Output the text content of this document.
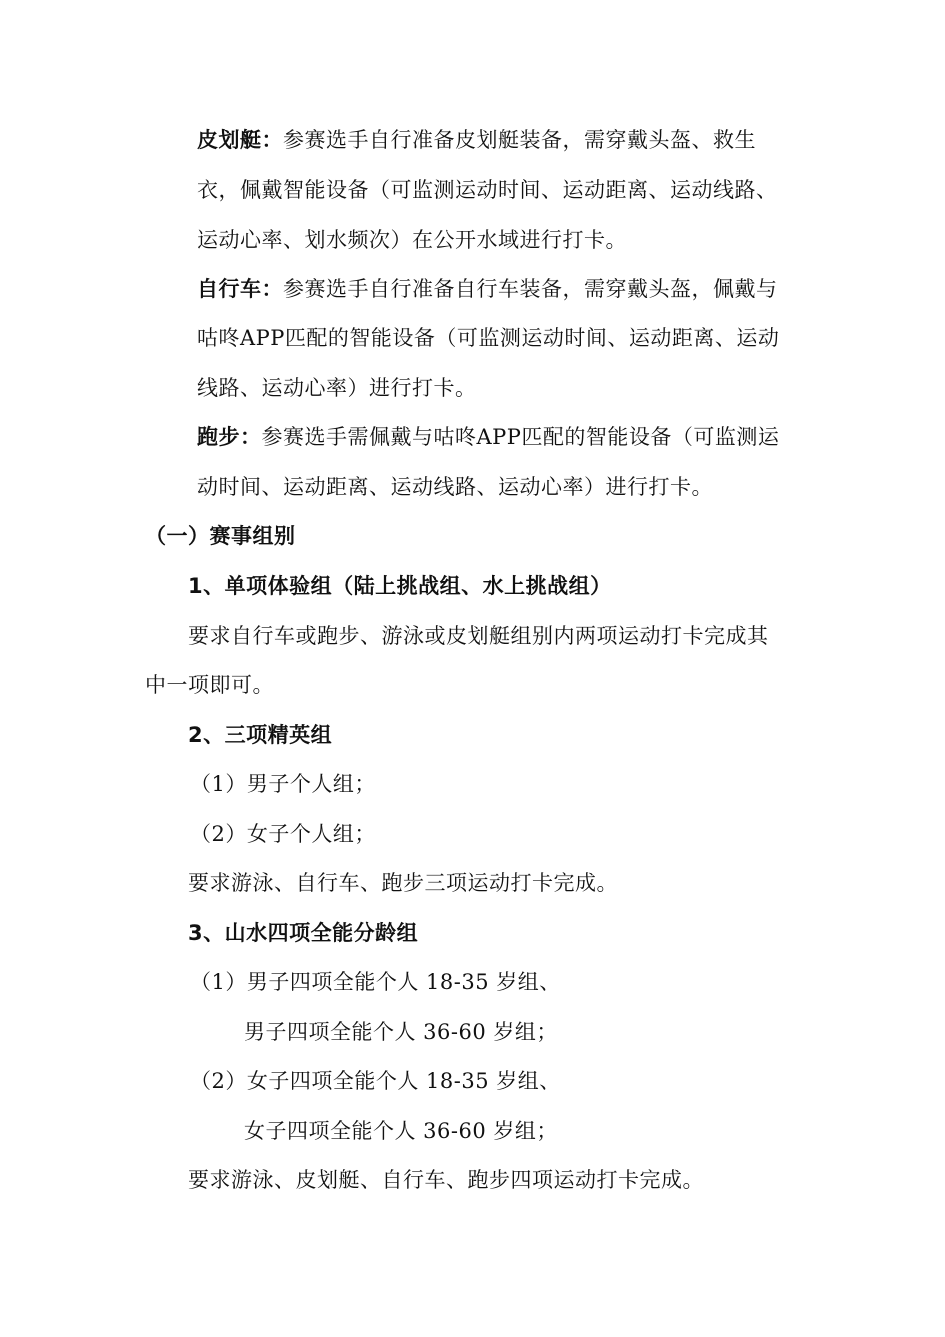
皮划艇：参赛选手自行准备皮划艇装备，需穿戴头盔、救生
衣，佩戴智能设备（可监测运动时间、运动距离、运动线路、
运动心率、划水频次）在公开水域进行打卡。
自行车：参赛选手自行准备自行车装备，需穿戴头盔，佩戴与
咕咚APP匹配的智能设备（可监测运动时间、运动距离、运动
线路、运动心率）进行打卡。
跑步：参赛选手需佩戴与咕咚APP匹配的智能设备（可监测运
动时间、运动距离、运动线路、运动心率）进行打卡。
（一）赛事组别
1、单项体验组（陆上挑战组、水上挑战组）
要求自行车或跑步、游泳或皮划艇组别内两项运动打卡完成其
中一项即可。
2、三项精英组
（1）男子个人组；
（2）女子个人组；
要求游泳、自行车、跑步三项运动打卡完成。
3、山水四项全能分龄组
（1）男子四项全能个人 18-35 岁组、
男子四项全能个人 36-60 岁组；
（2）女子四项全能个人 18-35 岁组、
女子四项全能个人 36-60 岁组；
要求游泳、皮划艇、自行车、跑步四项运动打卡完成。
